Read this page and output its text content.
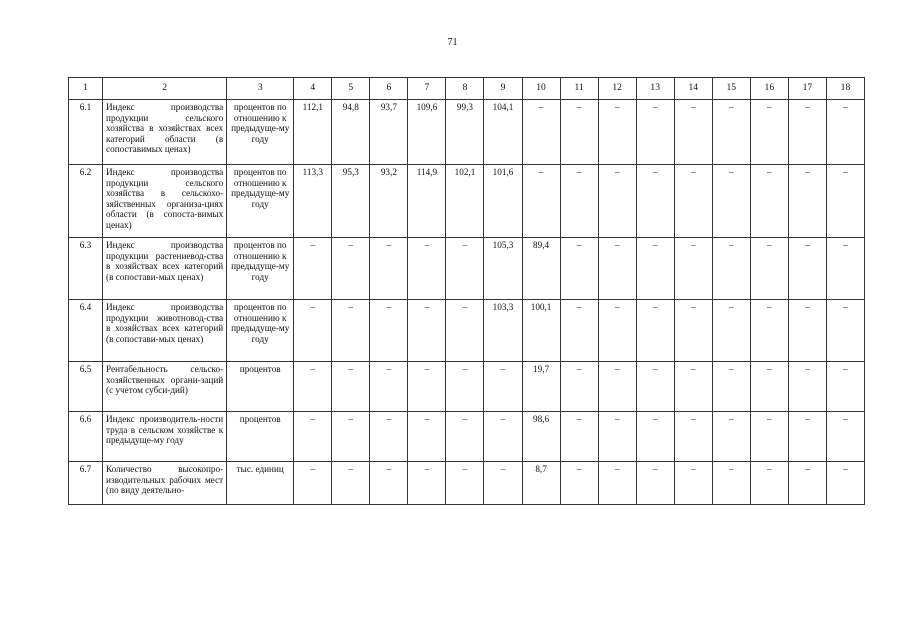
71
1	2	3	4	5	6	7	8	9	10	11	12	13	14	15	16	17	18
6.1	Индекс производства продукции сельского хозяйства в хозяйствах всех категорий области (в сопоставимых ценах)	процентов по отношению к предыдуще-му году	112,1	94,8	93,7	109,6	99,3	104,1	–	–	–	–	–	–	–	–	–
6.2	Индекс производства продукции сельского хозяйства в сельскохо-зяйственных организа-циях области (в сопоста-вимых ценах)	процентов по отношению к предыдуще-му году	113,3	95,3	93,2	114,9	102,1	101,6	–	–	–	–	–	–	–	–	–
6.3	Индекс производства продукции растениевод-ства в хозяйствах всех категорий (в сопостави-мых ценах)	процентов по отношению к предыдуще-му году	–	–	–	–	–	105,3	89,4	–	–	–	–	–	–	–	–
6.4	Индекс производства продукции животновод-ства в хозяйствах всех категорий (в сопостави-мых ценах)	процентов по отношению к предыдуще-му году	–	–	–	–	–	103,3	100,1	–	–	–	–	–	–	–	–
6.5	Рентабельность сельско-хозяйственных органи-заций (с учетом субси-дий)	процентов	–	–	–	–	–	–	19,7	–	–	–	–	–	–	–	–
6.6	Индекс производитель-ности труда в сельском хозяйстве к предыдуще-му году	процентов	–	–	–	–	–	–	98,6	–	–	–	–	–	–	–	–
6.7	Количество высокопро-изводительных рабочих мест (по виду деятельно-	тыс. единиц	–	–	–	–	–	–	8,7	–	–	–	–	–	–	–	–
